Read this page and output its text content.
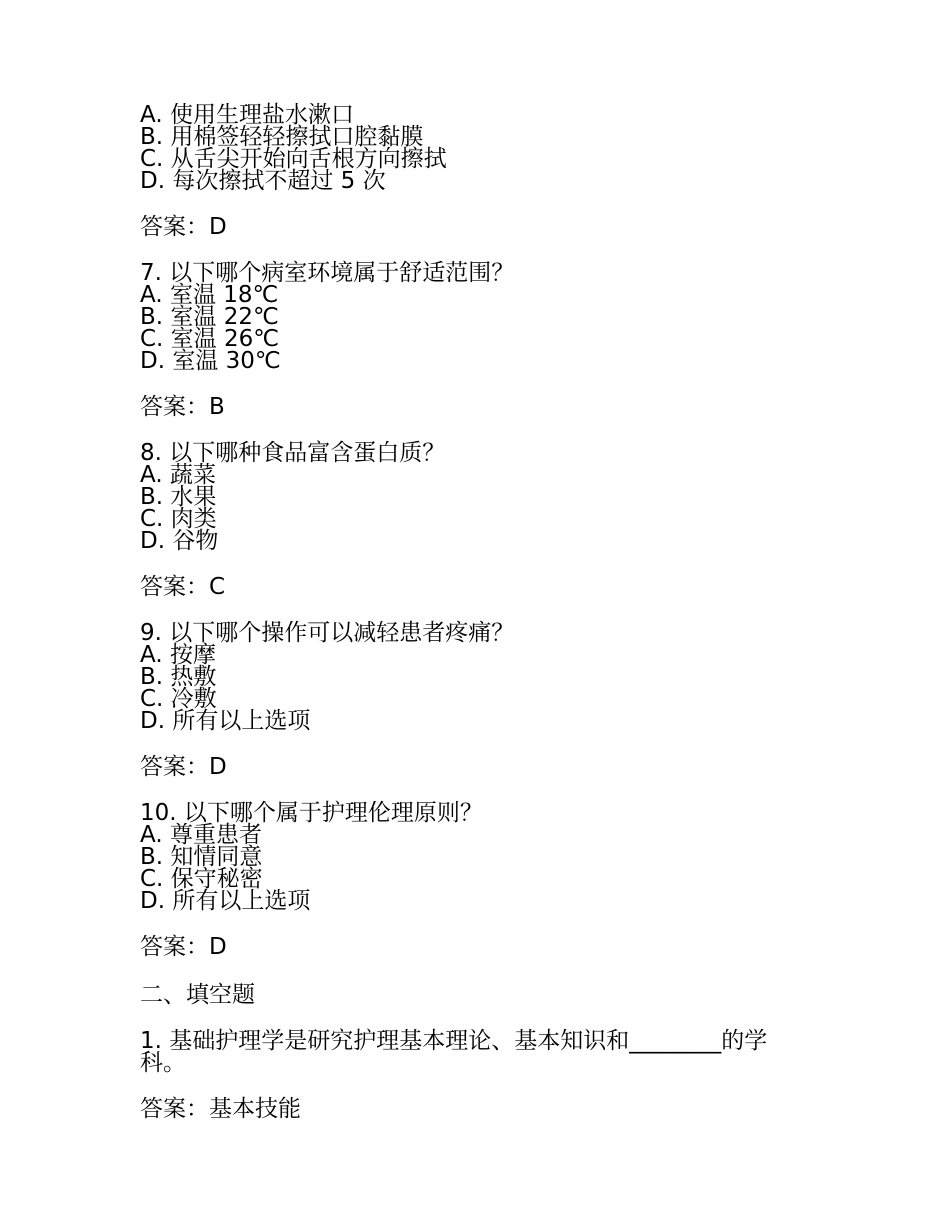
A. 使用生理盐水漱口
B. 用棉签轻轻擦拭口腔黏膜
C. 从舌尖开始向舌根方向擦拭
D. 每次擦拭不超过 5 次
答案：D
7. 以下哪个病室环境属于舒适范围？
A. 室温 18℃
B. 室温 22℃
C. 室温 26℃
D. 室温 30℃
答案：B
8. 以下哪种食品富含蛋白质？
A. 蔬菜
B. 水果
C. 肉类
D. 谷物
答案：C
9. 以下哪个操作可以减轻患者疼痛？
A. 按摩
B. 热敷
C. 冷敷
D. 所有以上选项
答案：D
10. 以下哪个属于护理伦理原则？
A. 尊重患者
B. 知情同意
C. 保守秘密
D. 所有以上选项
答案：D
二、填空题
1. 基础护理学是研究护理基本理论、基本知识和________的学科。
答案：基本技能
